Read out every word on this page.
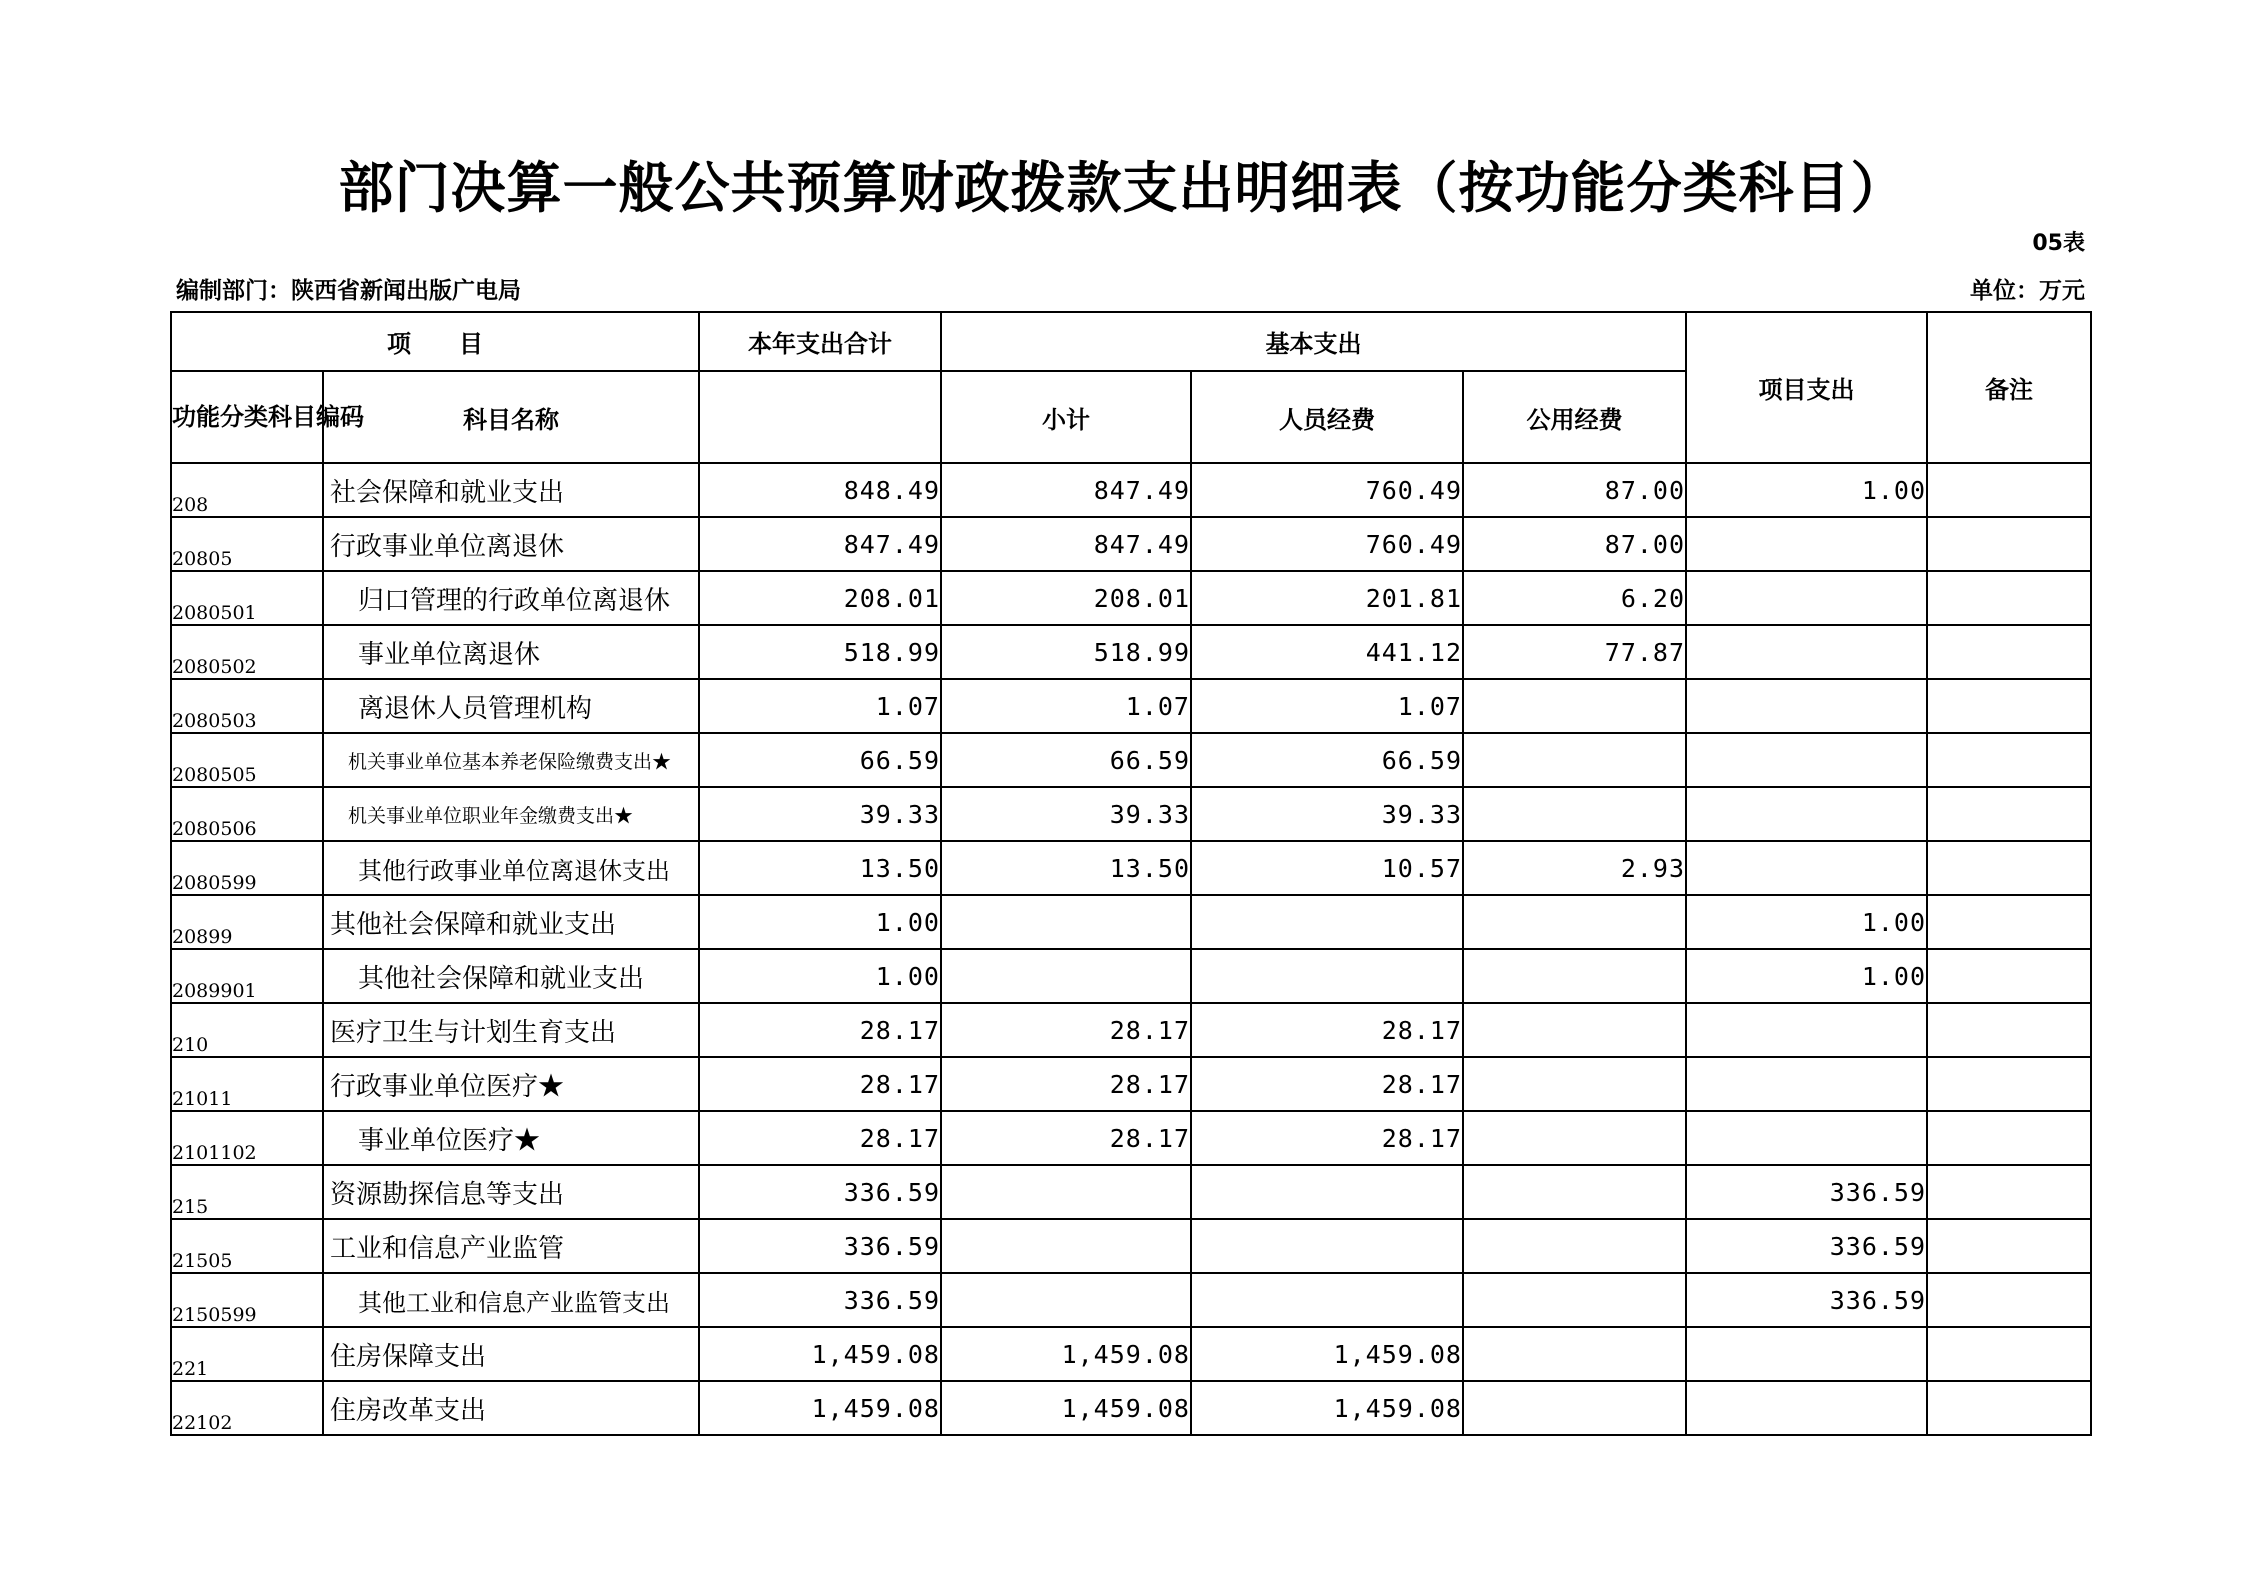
部门决算一般公共预算财政拨款支出明细表（按功能分类科目）
05表
编制部门：陕西省新闻出版广电局	单位：万元
项　　目		本年支出合计	基本支出			项目支出	备注
功能分类科目编码	科目名称		小计	人员经费	公用经费		
208	社会保障和就业支出	848.49	847.49	760.49	87.00	1.00	
20805	行政事业单位离退休	847.49	847.49	760.49	87.00		
2080501	归口管理的行政单位离退休	208.01	208.01	201.81	6.20		
2080502	事业单位离退休	518.99	518.99	441.12	77.87		
2080503	离退休人员管理机构	1.07	1.07	1.07			
2080505	机关事业单位基本养老保险缴费支出★	66.59	66.59	66.59			
2080506	机关事业单位职业年金缴费支出★	39.33	39.33	39.33			
2080599	其他行政事业单位离退休支出	13.50	13.50	10.57	2.93		
20899	其他社会保障和就业支出	1.00				1.00	
2089901	其他社会保障和就业支出	1.00				1.00	
210	医疗卫生与计划生育支出	28.17	28.17	28.17			
21011	行政事业单位医疗★	28.17	28.17	28.17			
2101102	事业单位医疗★	28.17	28.17	28.17			
215	资源勘探信息等支出	336.59				336.59	
21505	工业和信息产业监管	336.59				336.59	
2150599	其他工业和信息产业监管支出	336.59				336.59	
221	住房保障支出	1,459.08	1,459.08	1,459.08			
22102	住房改革支出	1,459.08	1,459.08	1,459.08			
